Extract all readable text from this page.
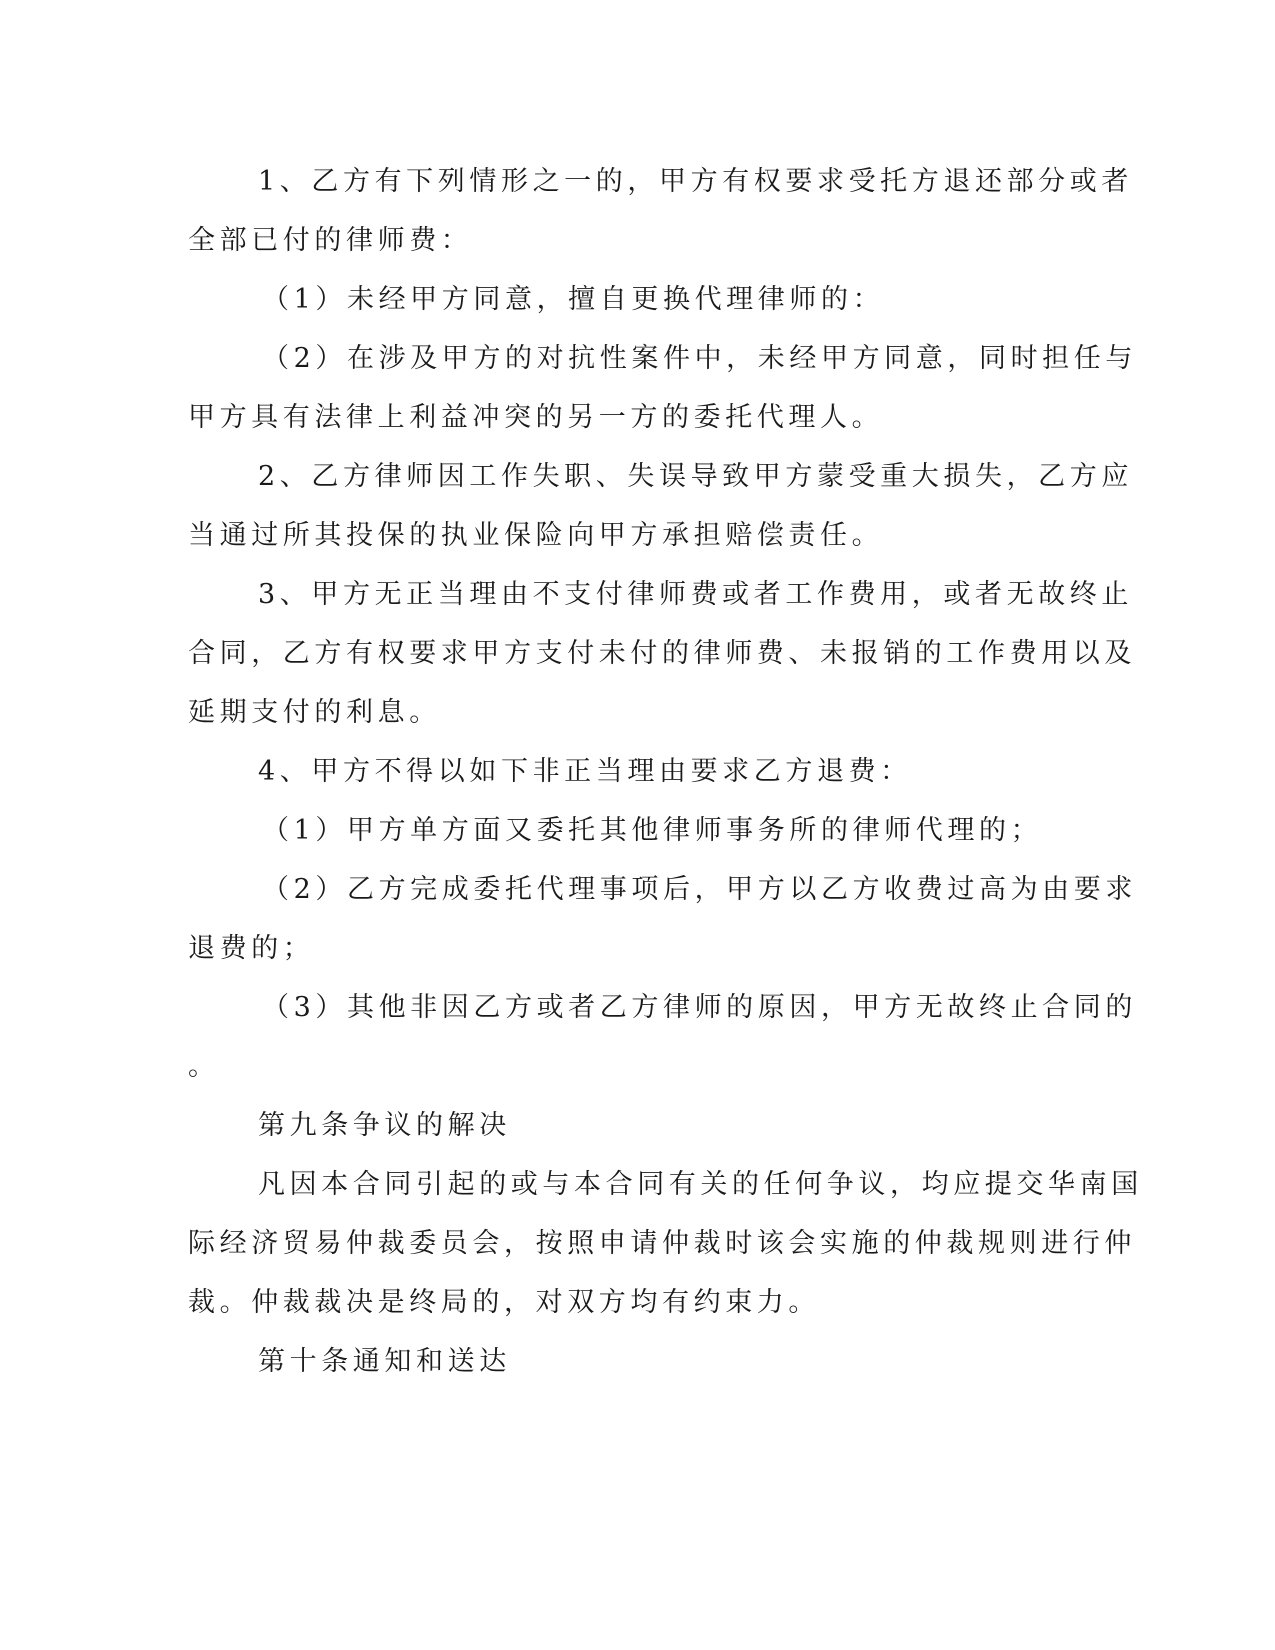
1、乙方有下列情形之一的，甲方有权要求受托方退还部分或者
全部已付的律师费：
（1）未经甲方同意，擅自更换代理律师的：
（2）在涉及甲方的对抗性案件中，未经甲方同意，同时担任与
甲方具有法律上利益冲突的另一方的委托代理人。
2、乙方律师因工作失职、失误导致甲方蒙受重大损失，乙方应
当通过所其投保的执业保险向甲方承担赔偿责任。
3、甲方无正当理由不支付律师费或者工作费用，或者无故终止
合同，乙方有权要求甲方支付未付的律师费、未报销的工作费用以及
延期支付的利息。
4、甲方不得以如下非正当理由要求乙方退费：
（1）甲方单方面又委托其他律师事务所的律师代理的；
（2）乙方完成委托代理事项后，甲方以乙方收费过高为由要求
退费的；
（3）其他非因乙方或者乙方律师的原因，甲方无故终止合同的
。
第九条争议的解决
凡因本合同引起的或与本合同有关的任何争议，均应提交华南国
际经济贸易仲裁委员会，按照申请仲裁时该会实施的仲裁规则进行仲
裁。仲裁裁决是终局的，对双方均有约束力。
第十条通知和送达
